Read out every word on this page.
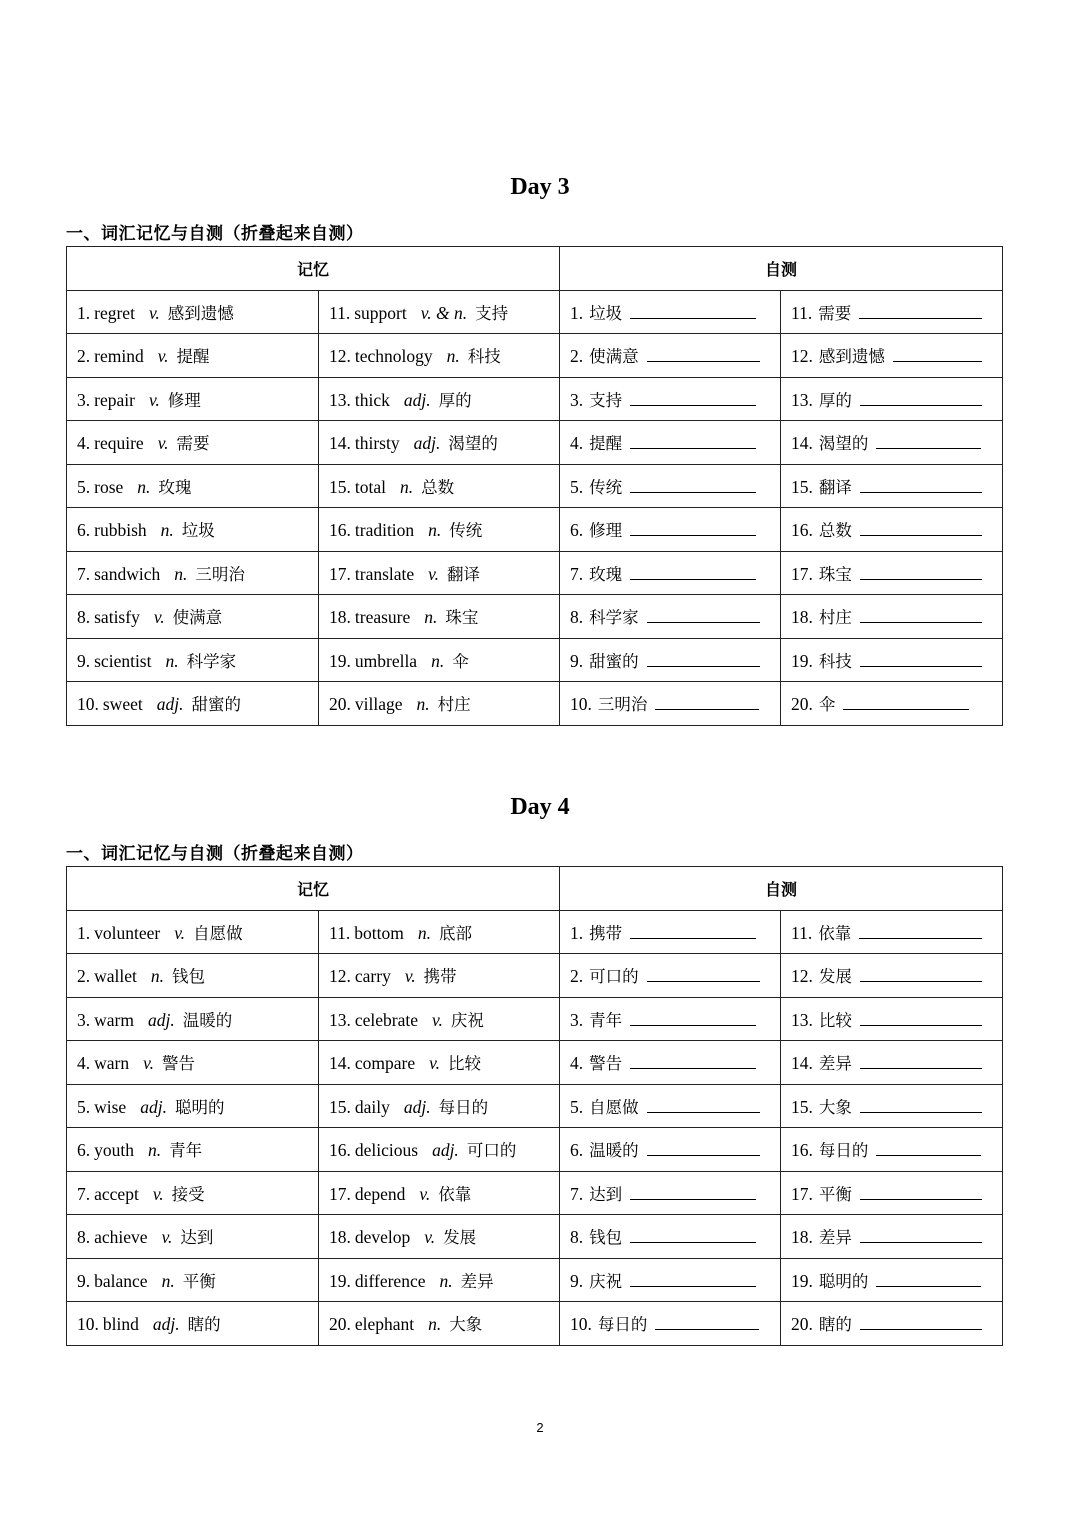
Day 3
一、词汇记忆与自测（折叠起来自测）
记忆		自测	
1. regret v. 感到遗憾	11. support v. & n. 支持	1. 垃圾	11. 需要
2. remind v. 提醒	12. technology n. 科技	2. 使满意	12. 感到遗憾
3. repair v. 修理	13. thick adj. 厚的	3. 支持	13. 厚的
4. require v. 需要	14. thirsty adj. 渴望的	4. 提醒	14. 渴望的
5. rose n. 玫瑰	15. total n. 总数	5. 传统	15. 翻译
6. rubbish n. 垃圾	16. tradition n. 传统	6. 修理	16. 总数
7. sandwich n. 三明治	17. translate v. 翻译	7. 玫瑰	17. 珠宝
8. satisfy v. 使满意	18. treasure n. 珠宝	8. 科学家	18. 村庄
9. scientist n. 科学家	19. umbrella n. 伞	9. 甜蜜的	19. 科技
10. sweet adj. 甜蜜的	20. village n. 村庄	10. 三明治	20. 伞
Day 4
一、词汇记忆与自测（折叠起来自测）
记忆		自测	
1. volunteer v. 自愿做	11. bottom n. 底部	1. 携带	11. 依靠
2. wallet n. 钱包	12. carry v. 携带	2. 可口的	12. 发展
3. warm adj. 温暖的	13. celebrate v. 庆祝	3. 青年	13. 比较
4. warn v. 警告	14. compare v. 比较	4. 警告	14. 差异
5. wise adj. 聪明的	15. daily adj. 每日的	5. 自愿做	15. 大象
6. youth n. 青年	16. delicious adj. 可口的	6. 温暖的	16. 每日的
7. accept v. 接受	17. depend v. 依靠	7. 达到	17. 平衡
8. achieve v. 达到	18. develop v. 发展	8. 钱包	18. 差异
9. balance n. 平衡	19. difference n. 差异	9. 庆祝	19. 聪明的
10. blind adj. 瞎的	20. elephant n. 大象	10. 每日的	20. 瞎的
2
